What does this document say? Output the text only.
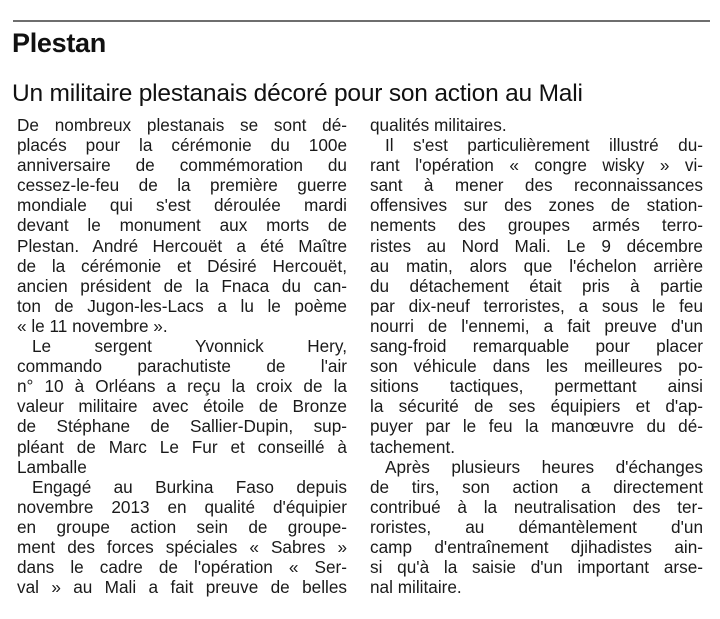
Plestan
Un militaire plestanais décoré pour son action au Mali
De nombreux plestanais se sont dé-
placés pour la cérémonie du 100e
anniversaire de commémoration du
cessez-le-feu de la première guerre
mondiale qui s'est déroulée mardi
devant le monument aux morts de
Plestan. André Hercouët a été Maître
de la cérémonie et Désiré Hercouët,
ancien président de la Fnaca du can-
ton de Jugon-les-Lacs a lu le poème
« le 11 novembre ».
Le sergent Yvonnick Hery,
commando parachutiste de l'air
n° 10 à Orléans a reçu la croix de la
valeur militaire avec étoile de Bronze
de Stéphane de Sallier-Dupin, sup-
pléant de Marc Le Fur et conseillé à
Lamballe
Engagé au Burkina Faso depuis
novembre 2013 en qualité d'équipier
en groupe action sein de groupe-
ment des forces spéciales « Sabres »
dans le cadre de l'opération « Ser-
val » au Mali a fait preuve de belles
qualités militaires.
Il s'est particulièrement illustré du-
rant l'opération « congre wisky » vi-
sant à mener des reconnaissances
offensives sur des zones de station-
nements des groupes armés terro-
ristes au Nord Mali. Le 9 décembre
au matin, alors que l'échelon arrière
du détachement était pris à partie
par dix-neuf terroristes, a sous le feu
nourri de l'ennemi, a fait preuve d'un
sang-froid remarquable pour placer
son véhicule dans les meilleures po-
sitions tactiques, permettant ainsi
la sécurité de ses équipiers et d'ap-
puyer par le feu la manœuvre du dé-
tachement.
Après plusieurs heures d'échanges
de tirs, son action a directement
contribué à la neutralisation des ter-
roristes, au démantèlement d'un
camp d'entraînement djihadistes ain-
si qu'à la saisie d'un important arse-
nal militaire.
